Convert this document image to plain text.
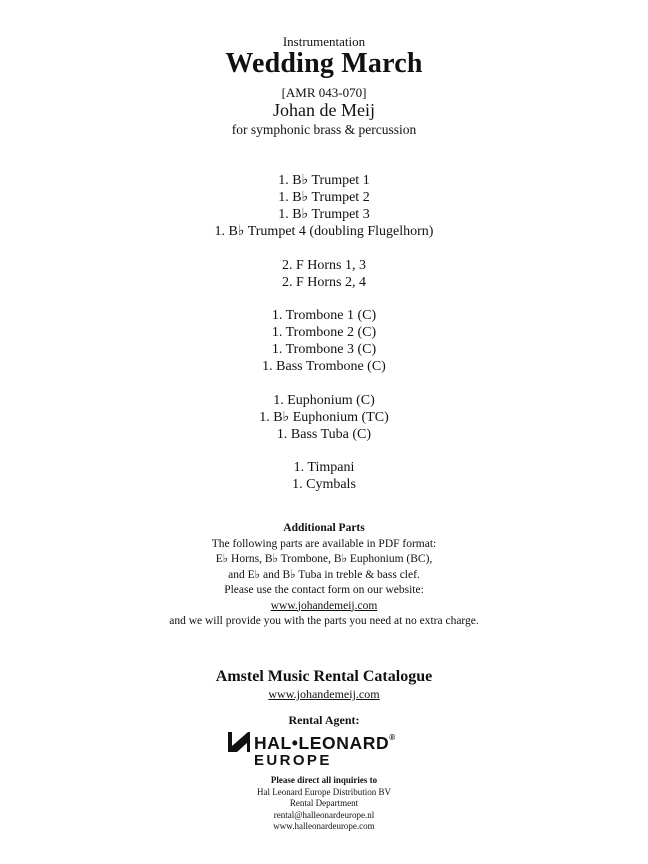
Instrumentation
Wedding March
[AMR 043-070]
Johan de Meij
for symphonic brass & percussion
1. B♭ Trumpet 1
1. B♭ Trumpet 2
1. B♭ Trumpet 3
1. B♭ Trumpet 4 (doubling Flugelhorn)
2. F Horns 1, 3
2. F Horns 2, 4
1. Trombone 1 (C)
1. Trombone 2 (C)
1. Trombone 3 (C)
1. Bass Trombone (C)
1. Euphonium (C)
1. B♭ Euphonium (TC)
1. Bass Tuba (C)
1. Timpani
1. Cymbals
Additional Parts
The following parts are available in PDF format:
E♭ Horns, B♭ Trombone, B♭ Euphonium (BC),
and E♭ and B♭ Tuba in treble & bass clef.
Please use the contact form on our website:
www.johandemeij.com
and we will provide you with the parts you need at no extra charge.
Amstel Music Rental Catalogue
www.johandemeij.com
Rental Agent:
HAL•LEONARD®
EUROPE
Please direct all inquiries to
Hal Leonard Europe Distribution BV
Rental Department
rental@halleonardeurope.nl
www.halleonardeurope.com
